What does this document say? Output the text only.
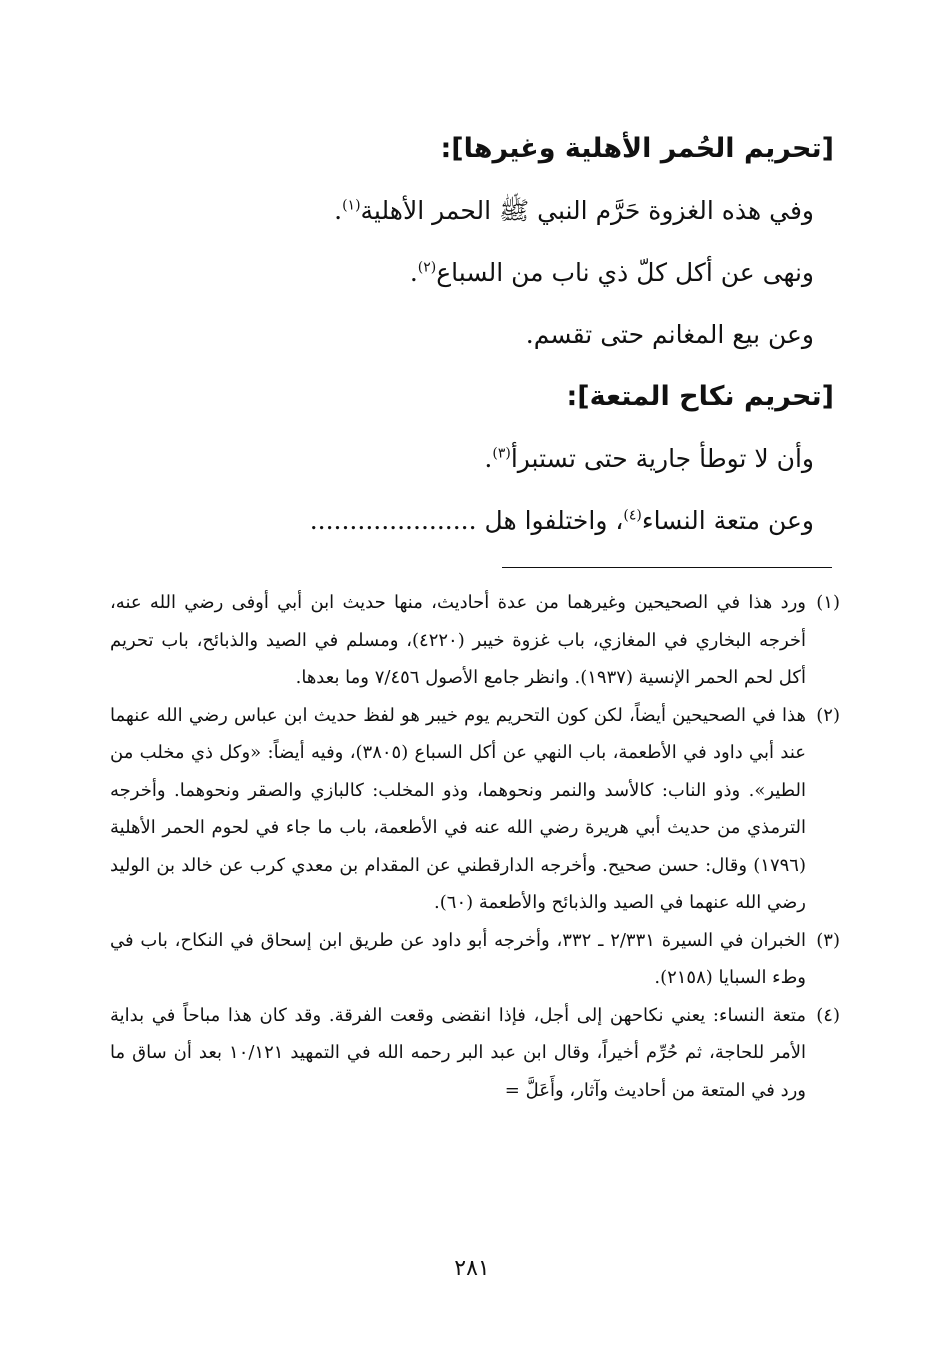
[تحريم الحُمر الأهلية وغيرها]:
وفي هذه الغزوة حَرَّم النبي ﷺ الحمر الأهلية$^{(١)}$.
ونهى عن أكل كلّ ذي ناب من السباع$^{(٢)}$.
وعن بيع المغانم حتى تقسم.
[تحريم نكاح المتعة]:
وأن لا توطأ جارية حتى تستبرأ$^{(٣)}$.
وعن متعة النساء$^{(٤)}$، واختلفوا هل .....................
(١)
ورد هذا في الصحيحين وغيرهما من عدة أحاديث، منها حديث ابن أبي أوفى رضي الله عنه، أخرجه البخاري في المغازي، باب غزوة خيبر (٤٢٢٠)، ومسلم في الصيد والذبائح، باب تحريم أكل لحم الحمر الإنسية (١٩٣٧). وانظر جامع الأصول ٧/٤٥٦ وما بعدها.
(٢)
هذا في الصحيحين أيضاً، لكن كون التحريم يوم خيبر هو لفظ حديث ابن عباس رضي الله عنهما عند أبي داود في الأطعمة، باب النهي عن أكل السباع (٣٨٠٥)، وفيه أيضاً: «وكل ذي مخلب من الطير». وذو الناب: كالأسد والنمر ونحوهما، وذو المخلب: كالبازي والصقر ونحوهما. وأخرجه الترمذي من حديث أبي هريرة رضي الله عنه في الأطعمة، باب ما جاء في لحوم الحمر الأهلية (١٧٩٦) وقال: حسن صحيح. وأخرجه الدارقطني عن المقدام بن معدي كرب عن خالد بن الوليد رضي الله عنهما في الصيد والذبائح والأطعمة (٦٠).
(٣)
الخبران في السيرة ٢/٣٣١ ـ ٣٣٢، وأخرجه أبو داود عن طريق ابن إسحاق في النكاح، باب في وطء السبايا (٢١٥٨).
(٤)
متعة النساء: يعني نكاحهن إلى أجل، فإذا انقضى وقعت الفرقة. وقد كان هذا مباحاً في بداية الأمر للحاجة، ثم حُرِّم أخيراً، وقال ابن عبد البر رحمه الله في التمهيد ١٠/١٢١ بعد أن ساق ما ورد في المتعة من أحاديث وآثار، وأَعَلَّ =
٢٨١
